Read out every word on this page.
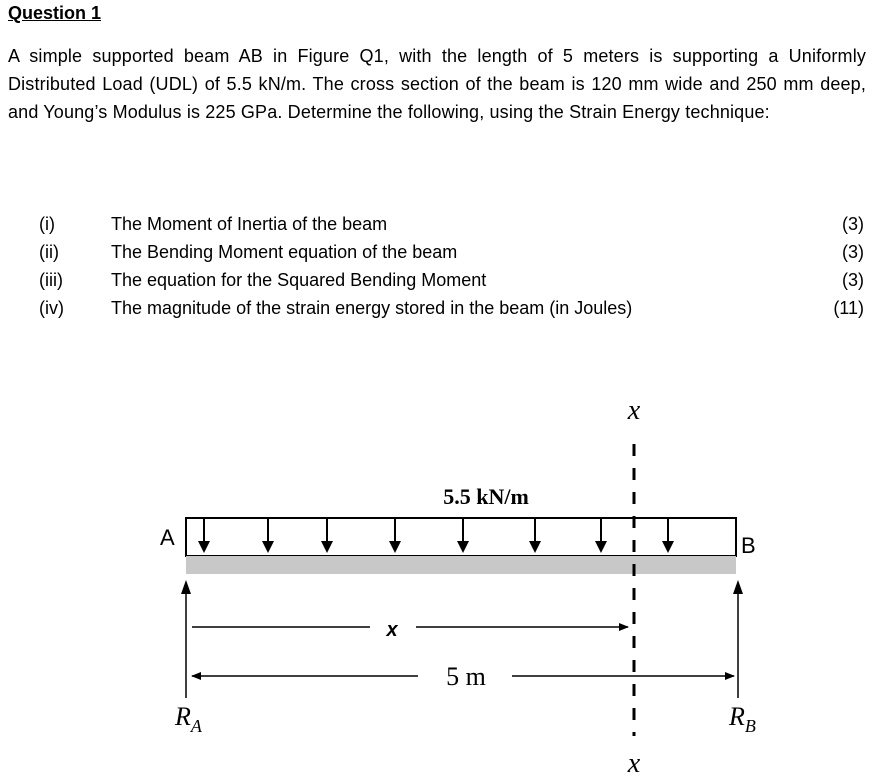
Question 1
A simple supported beam AB in Figure Q1, with the length of 5 meters is supporting a Uniformly Distributed Load (UDL) of 5.5 kN/m. The cross section of the beam is 120 mm wide and 250 mm deep, and Young’s Modulus is 225 GPa. Determine the following, using the Strain Energy technique:
(i)	The Moment of Inertia of the beam	(3)
(ii)	The Bending Moment equation of the beam	(3)
(iii)	The equation for the Squared Bending Moment	(3)
(iv)	The magnitude of the strain energy stored in the beam (in Joules)	(11)
5.5 kN/m
A	B
x
x
x
5 m
$R_A$	$R_B$
